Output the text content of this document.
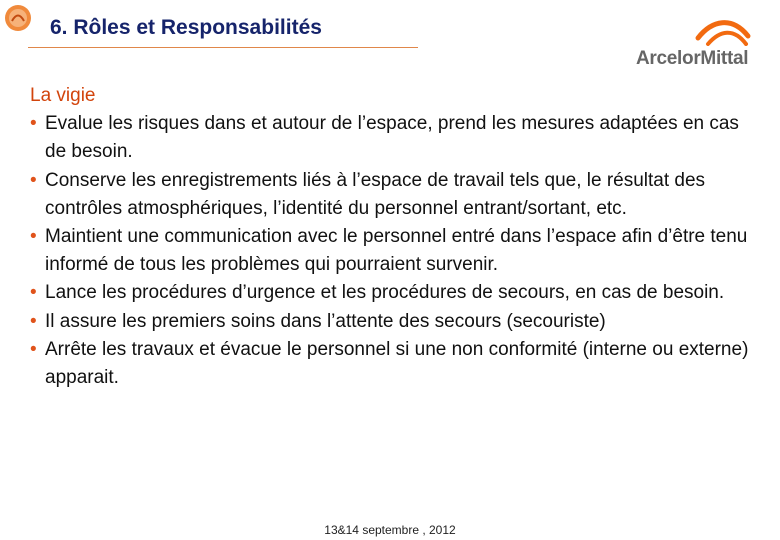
6. Rôles et Responsabilités
ArcelorMittal
La vigie
• Evalue les risques dans et autour de l’espace, prend les mesures adaptées en cas de besoin.
• Conserve les enregistrements liés à l’espace de travail tels que, le résultat des contrôles atmosphériques, l’identité du personnel entrant/sortant, etc.
• Maintient une communication avec le personnel entré dans l’espace afin d’être tenu informé de tous les problèmes qui pourraient survenir.
• Lance les procédures d’urgence et les procédures de secours, en cas de besoin.
• Il assure les premiers soins dans l’attente des secours (secouriste)
• Arrête les travaux et évacue le personnel si une non conformité (interne ou externe) apparait.
13&14 septembre , 2012
